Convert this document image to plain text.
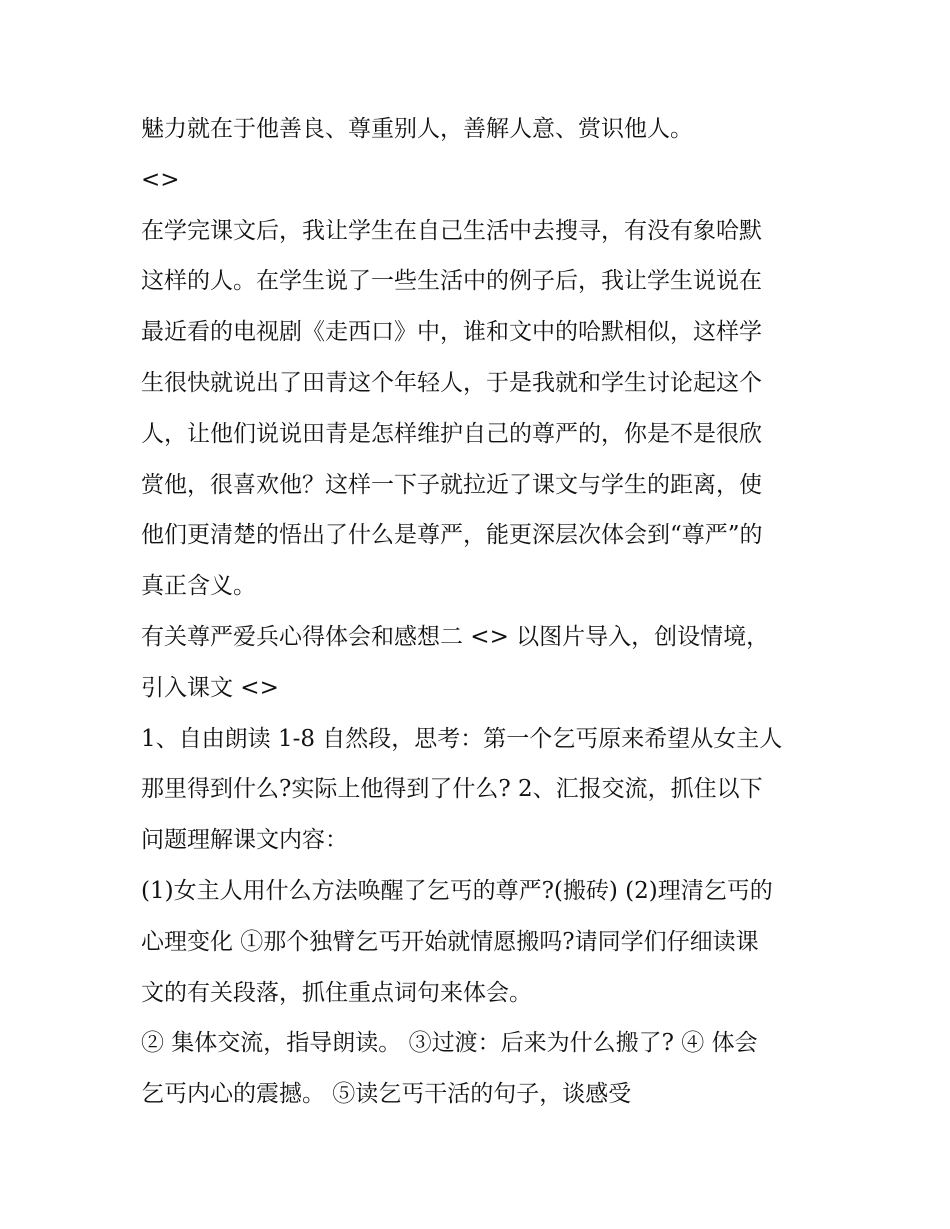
魅力就在于他善良、尊重别人，善解人意、赏识他人。
<>
在学完课文后，我让学生在自己生活中去搜寻，有没有象哈默
这样的人。在学生说了一些生活中的例子后，我让学生说说在
最近看的电视剧《走西口》中，谁和文中的哈默相似，这样学
生很快就说出了田青这个年轻人，于是我就和学生讨论起这个
人，让他们说说田青是怎样维护自己的尊严的，你是不是很欣
赏他，很喜欢他？这样一下子就拉近了课文与学生的距离，使
他们更清楚的悟出了什么是尊严，能更深层次体会到“尊严”的
真正含义。
有关尊严爱兵心得体会和感想二 <> 以图片导入，创设情境，
引入课文 <>
1、自由朗读 1-8 自然段，思考：第一个乞丐原来希望从女主人
那里得到什么?实际上他得到了什么? 2、汇报交流，抓住以下
问题理解课文内容：
(1)女主人用什么方法唤醒了乞丐的尊严?(搬砖) (2)理清乞丐的
心理变化 ①那个独臂乞丐开始就情愿搬吗?请同学们仔细读课
文的有关段落，抓住重点词句来体会。
② 集体交流，指导朗读。 ③过渡：后来为什么搬了? ④ 体会
乞丐内心的震撼。 ⑤读乞丐干活的句子，谈感受
